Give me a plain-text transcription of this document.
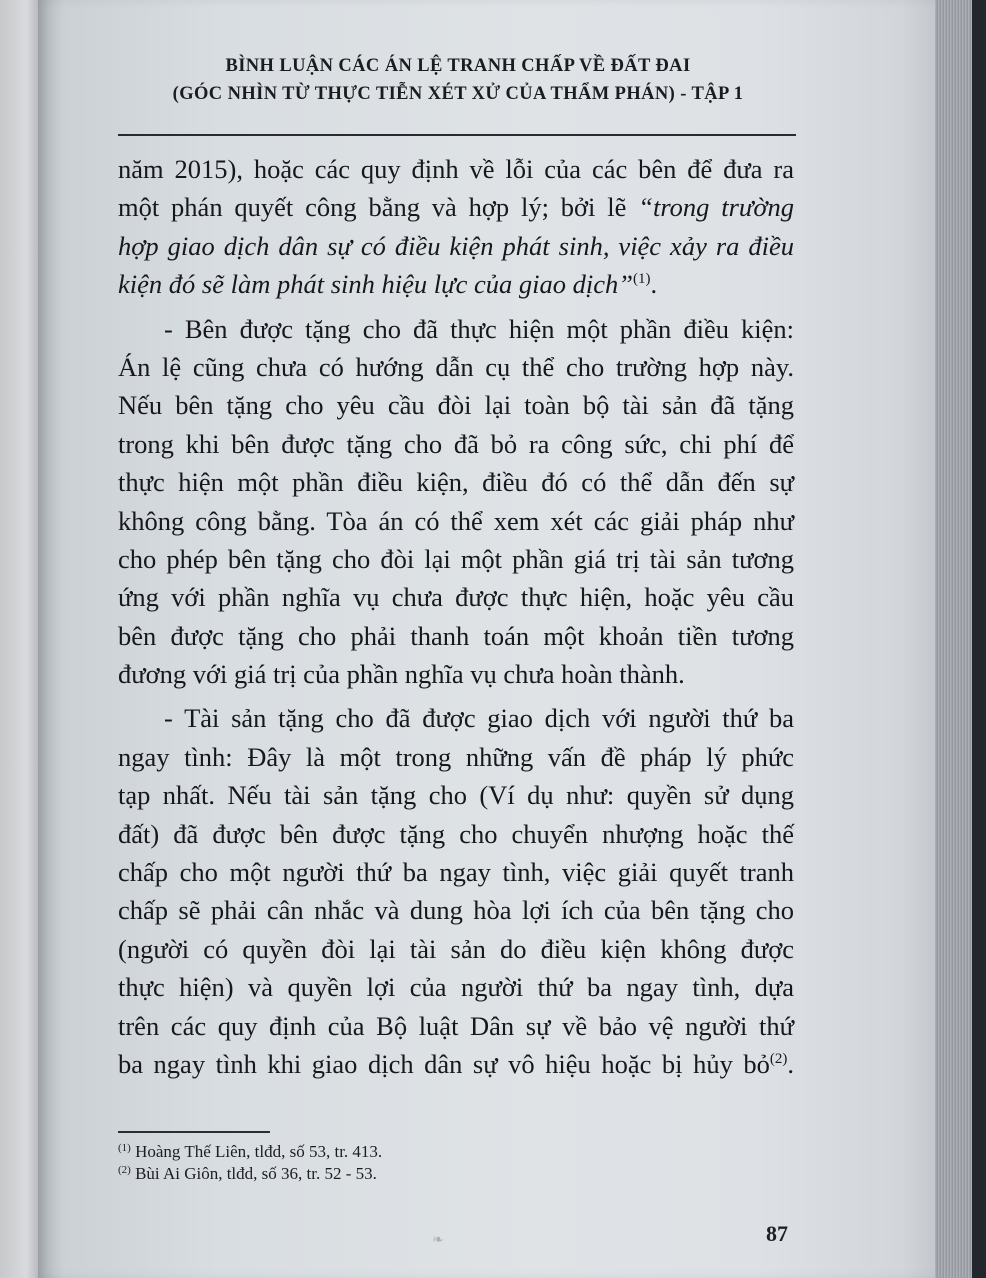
BÌNH LUẬN CÁC ÁN LỆ TRANH CHẤP VỀ ĐẤT ĐAI
(GÓC NHÌN TỪ THỰC TIỄN XÉT XỬ CỦA THẨM PHÁN) - TẬP 1
năm 2015), hoặc các quy định về lỗi của các bên để đưa ra
một phán quyết công bằng và hợp lý; bởi lẽ “trong trường
hợp giao dịch dân sự có điều kiện phát sinh, việc xảy ra điều
kiện đó sẽ làm phát sinh hiệu lực của giao dịch”$^{(1)}$.
- Bên được tặng cho đã thực hiện một phần điều kiện:
Án lệ cũng chưa có hướng dẫn cụ thể cho trường hợp này.
Nếu bên tặng cho yêu cầu đòi lại toàn bộ tài sản đã tặng
trong khi bên được tặng cho đã bỏ ra công sức, chi phí để
thực hiện một phần điều kiện, điều đó có thể dẫn đến sự
không công bằng. Tòa án có thể xem xét các giải pháp như
cho phép bên tặng cho đòi lại một phần giá trị tài sản tương
ứng với phần nghĩa vụ chưa được thực hiện, hoặc yêu cầu
bên được tặng cho phải thanh toán một khoản tiền tương
đương với giá trị của phần nghĩa vụ chưa hoàn thành.
- Tài sản tặng cho đã được giao dịch với người thứ ba
ngay tình: Đây là một trong những vấn đề pháp lý phức
tạp nhất. Nếu tài sản tặng cho (Ví dụ như: quyền sử dụng
đất) đã được bên được tặng cho chuyển nhượng hoặc thế
chấp cho một người thứ ba ngay tình, việc giải quyết tranh
chấp sẽ phải cân nhắc và dung hòa lợi ích của bên tặng cho
(người có quyền đòi lại tài sản do điều kiện không được
thực hiện) và quyền lợi của người thứ ba ngay tình, dựa
trên các quy định của Bộ luật Dân sự về bảo vệ người thứ
ba ngay tình khi giao dịch dân sự vô hiệu hoặc bị hủy bỏ$^{(2)}$.
$^{(1)}$ Hoàng Thế Liên, tlđd, số 53, tr. 413.
$^{(2)}$ Bùi Ai Giôn, tlđd, số 36, tr. 52 - 53.
❧	87
